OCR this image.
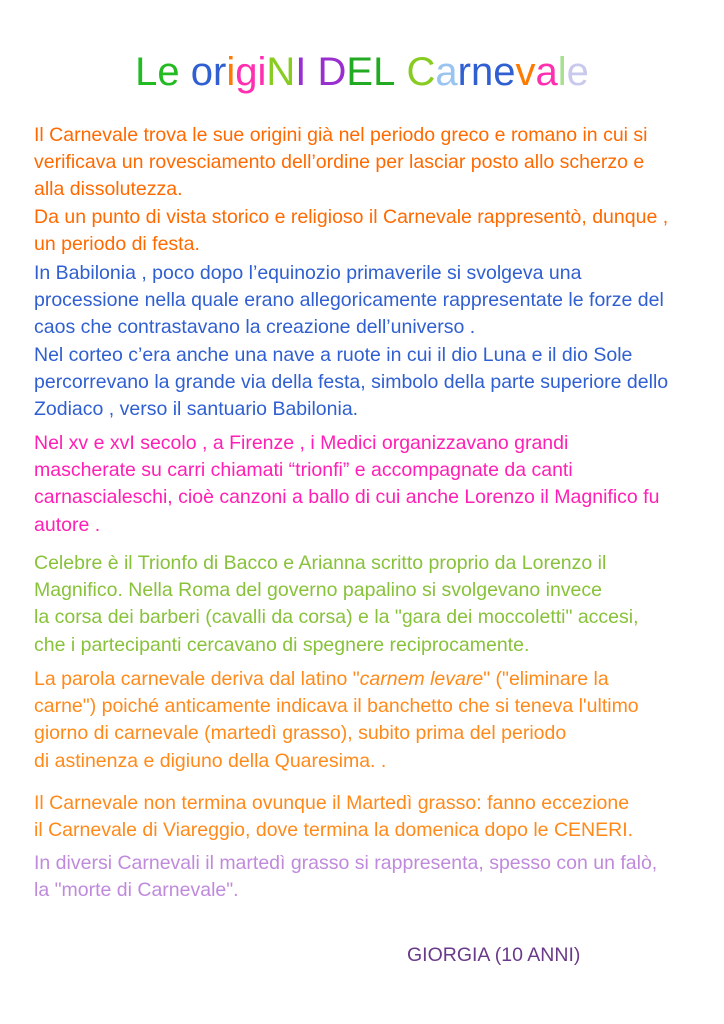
Le origiNI DEL Carnevale
Il Carnevale trova le sue origini già nel periodo greco e romano in cui si
verificava un rovesciamento dell’ordine per lasciar posto allo scherzo e
alla dissolutezza.
Da un punto di vista storico e religioso il Carnevale rappresentò, dunque ,
un periodo di festa.
In Babilonia , poco dopo l’equinozio primaverile si svolgeva una
processione nella quale erano allegoricamente rappresentate le forze del
caos che contrastavano la creazione dell’universo .
Nel corteo c’era anche una nave a ruote in cui il dio Luna e il dio Sole
percorrevano la grande via della festa, simbolo della parte superiore dello
Zodiaco , verso il santuario Babilonia.
Nel xv e xvI secolo , a Firenze , i Medici organizzavano grandi
mascherate su carri chiamati “trionfi” e accompagnate da canti
carnascialeschi, cioè canzoni a ballo di cui anche Lorenzo il Magnifico fu
autore .
Celebre è il Trionfo di Bacco e Arianna scritto proprio da Lorenzo il
Magnifico. Nella Roma del governo papalino si svolgevano invece
la corsa dei barberi (cavalli da corsa) e la "gara dei moccoletti" accesi,
che i partecipanti cercavano di spegnere reciprocamente.
La parola carnevale deriva dal latino "carnem levare" ("eliminare la
carne") poiché anticamente indicava il banchetto che si teneva l'ultimo
giorno di carnevale (martedì grasso), subito prima del periodo
di astinenza e digiuno della Quaresima. .
Il Carnevale non termina ovunque il Martedì grasso: fanno eccezione
il Carnevale di Viareggio, dove termina la domenica dopo le CENERI.
In diversi Carnevali il martedì grasso si rappresenta, spesso con un falò,
la "morte di Carnevale".
GIORGIA (10 ANNI)
